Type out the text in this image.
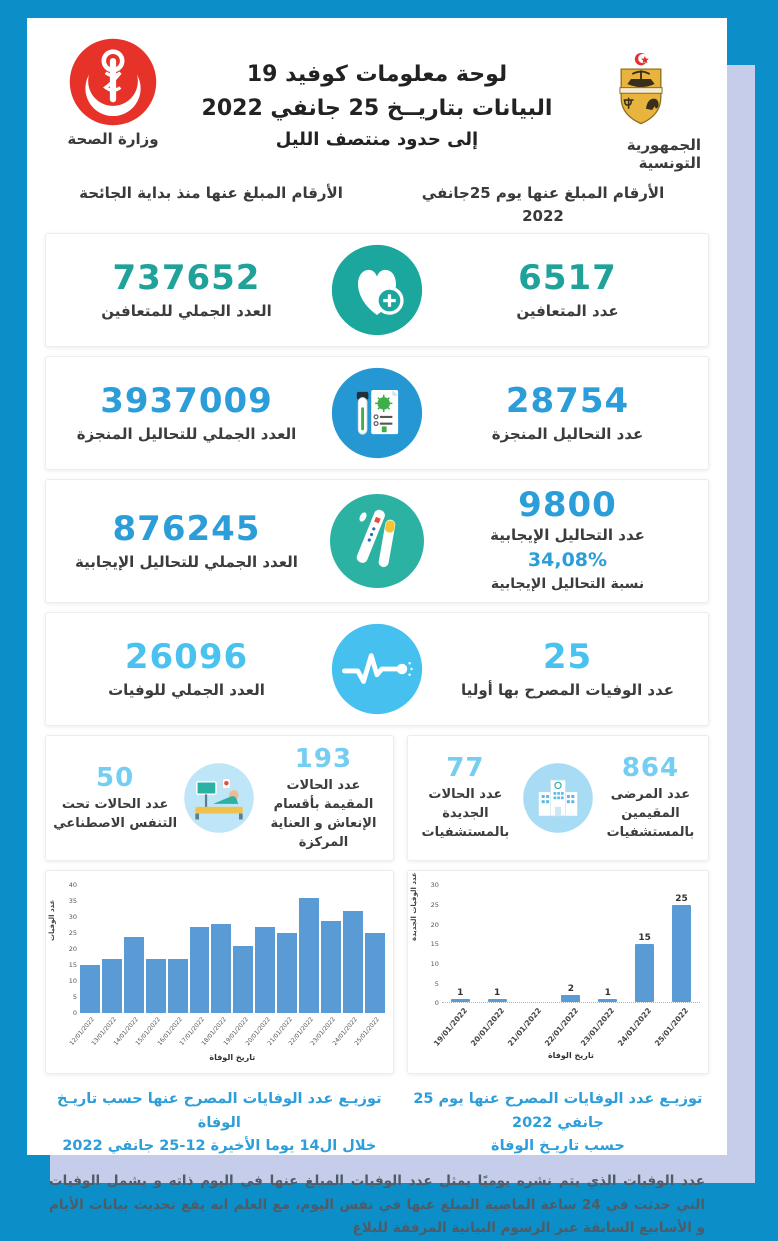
وزارة الصحة
لوحة معلومات كوفيد 19
البيانات بتاريــخ 25 جانفي 2022
إلى حدود منتصف الليل	الجمهورية التونسية
الأرقام المبلغ عنها منذ بداية الجائحة	الأرقام المبلغ عنها يوم 25جانفي 2022
737652
العدد الجملي للمتعافين
6517
عدد المتعافين
3937009
العدد الجملي للتحاليل المنجزة
28754
عدد التحاليل المنجزة
876245
العدد الجملي للتحاليل الإيجابية
9800
عدد التحاليل الإيجابية
34,08%
نسبة التحاليل الإيجابية
26096
العدد الجملي للوفيات
25
عدد الوفيات المصرح بها أوليا
50
عدد الحالات تحت التنفس الاصطناعي
193
عدد الحالات المقيمة بأقسام الإنعاش و العناية المركزة
77
عدد الحالات الجديدة بالمستشفيات
864
عدد المرضى المقيمين بالمستشفيات
عدد الوفيات
0
5
10
15
20
25
30
35
40
12/01/2022
13/01/2022
14/01/2022
15/01/2022
16/01/2022
17/01/2022
18/01/2022
19/01/2022
20/01/2022
21/01/2022
22/01/2022
23/01/2022
24/01/2022
25/01/2022
تاريخ الوفاة
عدد الوفيات الجديدة
0
5
10
15
20
25
30
1	1	2	1
15
25
19/01/2022 20/01/2022 21/01/2022 22/01/2022 23/01/2022 24/01/2022 25/01/2022
تاريخ الوفاة
توزيـع عدد الوفايات المصرح عنها حسب تاريـخ الوفاة
خلال ال14 يوما الأخيرة 12-25 جانفي 2022
توزيـع عدد الوفايات المصرح عنها يوم 25 جانفي 2022
حسب تاريـخ الوفاة
عدد الوفيات الذي يتم نشره يوميًا يمثل عدد الوفيات المبلغ عنها في اليوم ذاته و يشمل الوفيات التي حدثت في 24 ساعة الماضية المبلغ عنها في نفس اليوم، مع العلم انه يقع تحديث بيانات الأيام و الأسابيع السابقة عبر الرسوم البيانية المرفقة للبلاغ
